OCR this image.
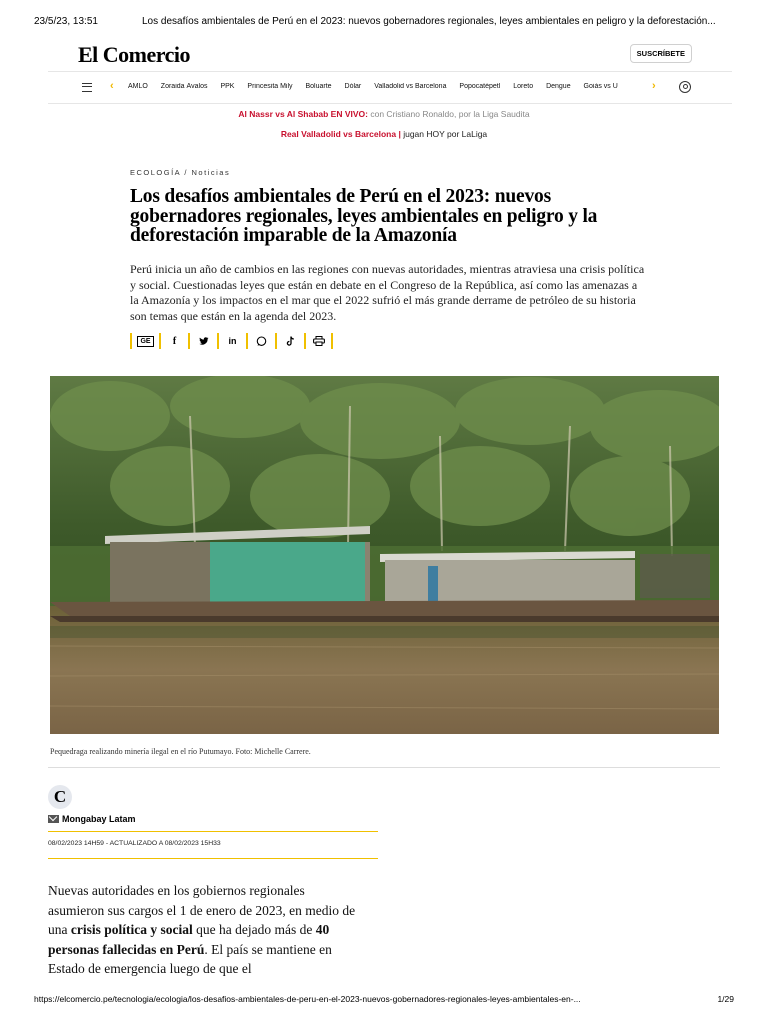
23/5/23, 13:51	Los desafíos ambientales de Perú en el 2023: nuevos gobernadores regionales, leyes ambientales en peligro y la deforestación...
El Comercio	SUSCRÍBETE
‹ AMLO Zoraida Ávalos PPK Princesita Mily Boluarte Dólar Valladolid vs Barcelona Popocatépetl Loreto Dengue Goiás vs U	›
Al Nassr vs Al Shabab EN VIVO: con Cristiano Ronaldo, por la Liga Saudita
Real Valladolid vs Barcelona | jugan HOY por LaLiga
ECOLOGÍA / Noticias
Los desafíos ambientales de Perú en el 2023: nuevos gobernadores regionales, leyes ambientales en peligro y la deforestación imparable de la Amazonía

Perú inicia un año de cambios en las regiones con nuevas autoridades, mientras atraviesa una crisis política y social. Cuestionadas leyes que están en debate en el Congreso de la República, así como las amenazas a la Amazonía y los impactos en el mar que el 2022 sufrió el más grande derrame de petróleo de su historia son temas que están en la agenda del 2023.

GE	f	in
Pequedraga realizando minería ilegal en el río Putumayo. Foto: Michelle Carrere.
C
Mongabay Latam
08/02/2023 14H59 - ACTUALIZADO A 08/02/2023 15H33

Nuevas autoridades en los gobiernos regionales asumieron sus cargos el 1 de enero de 2023, en medio de una crisis política y social que ha dejado más de 40 personas fallecidas en Perú. El país se mantiene en Estado de emergencia luego de que el

https://elcomercio.pe/tecnologia/ecologia/los-desafios-ambientales-de-peru-en-el-2023-nuevos-gobernadores-regionales-leyes-ambientales-en-...	1/29
